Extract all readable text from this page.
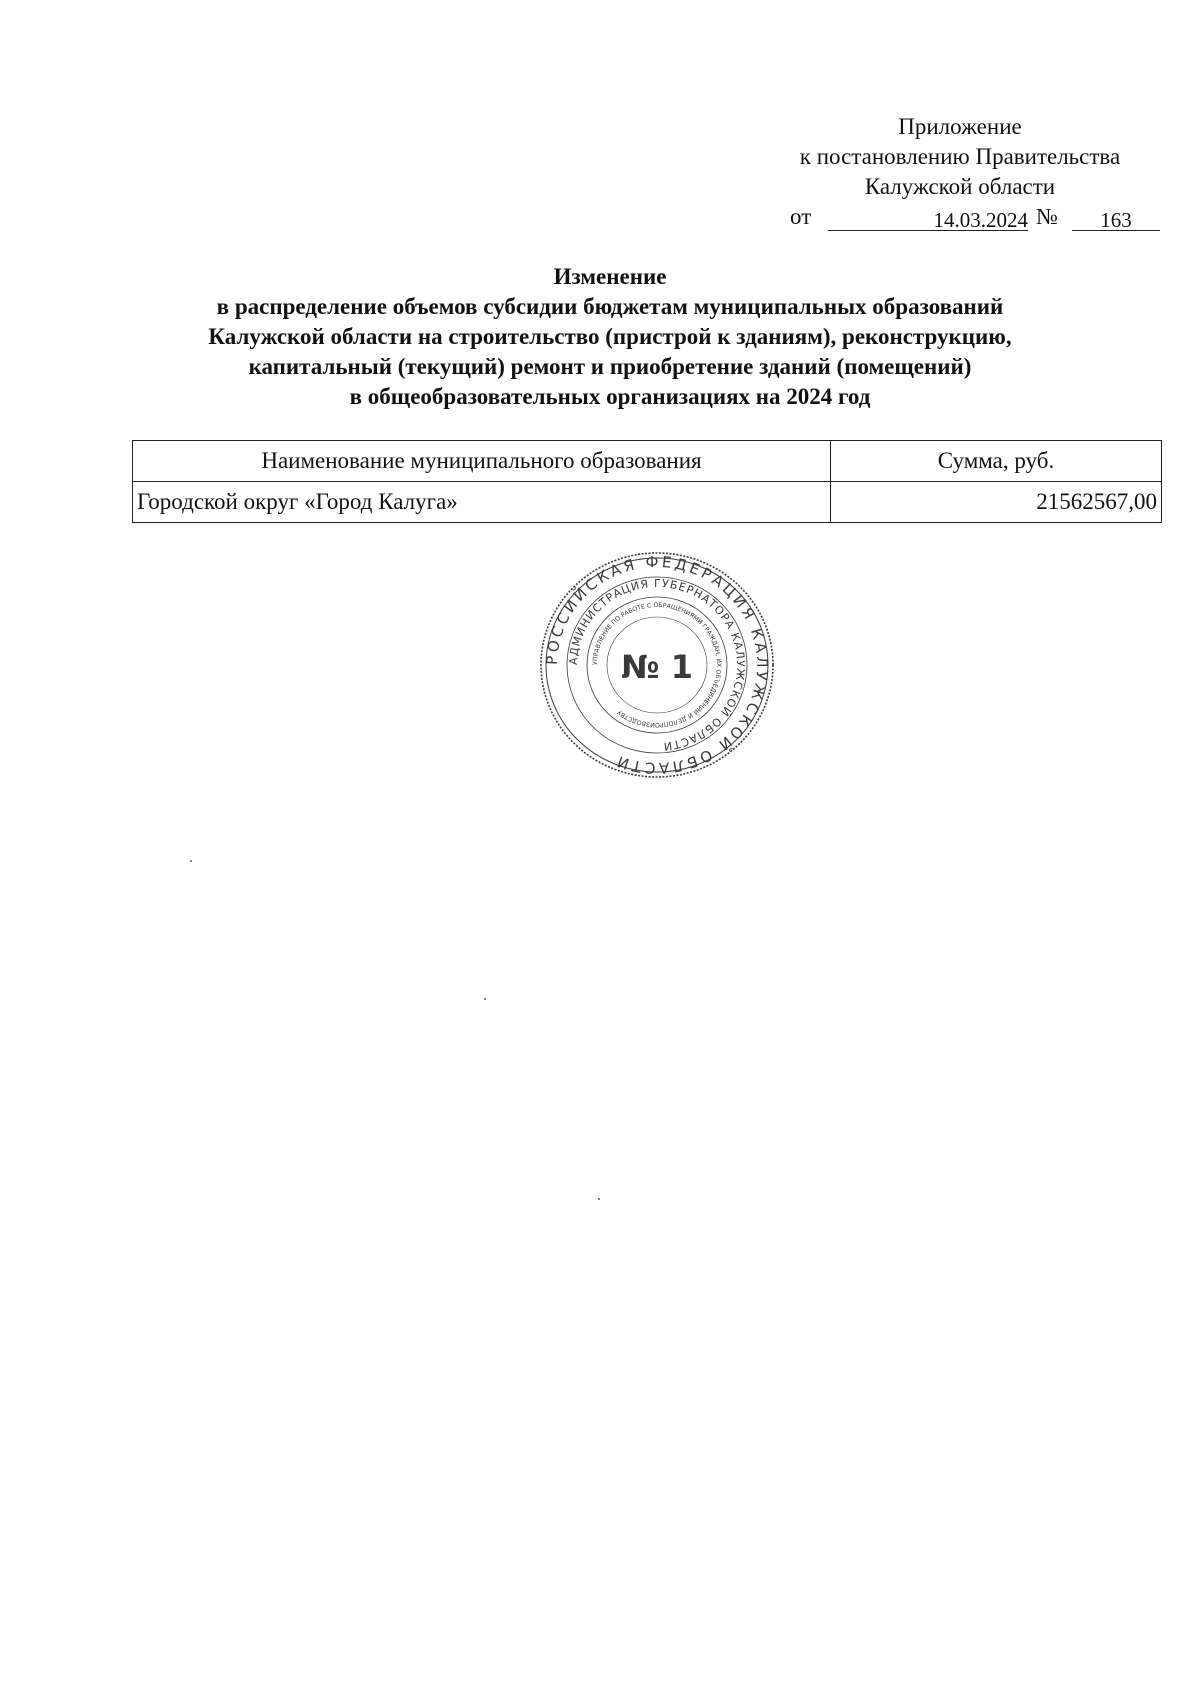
Приложение
к постановлению Правительства
Калужской области
от	14.03.2024 №	163
Изменение
в распределение объемов субсидии бюджетам муниципальных образований
Калужской области на строительство (пристрой к зданиям), реконструкцию,
капитальный (текущий) ремонт и приобретение зданий (помещений)
в общеобразовательных организациях на 2024 год
Наименование муниципального образования	Сумма, руб.
Городской округ «Город Калуга»	21562567,00
РОССИЙСКАЯ ФЕДЕРАЦИЯ КАЛУЖСКОЙ ОБЛАСТИ
АДМИНИСТРАЦИЯ ГУБЕРНАТОРА КАЛУЖСКОЙ ОБЛАСТИ
УПРАВЛЕНИЕ ПО РАБОТЕ С ОБРАЩЕНИЯМИ ГРАЖДАН, ИХ ОБЪЕДИНЕНИЙ И ДЕЛОПРОИЗВОДСТВУ
№ 1
